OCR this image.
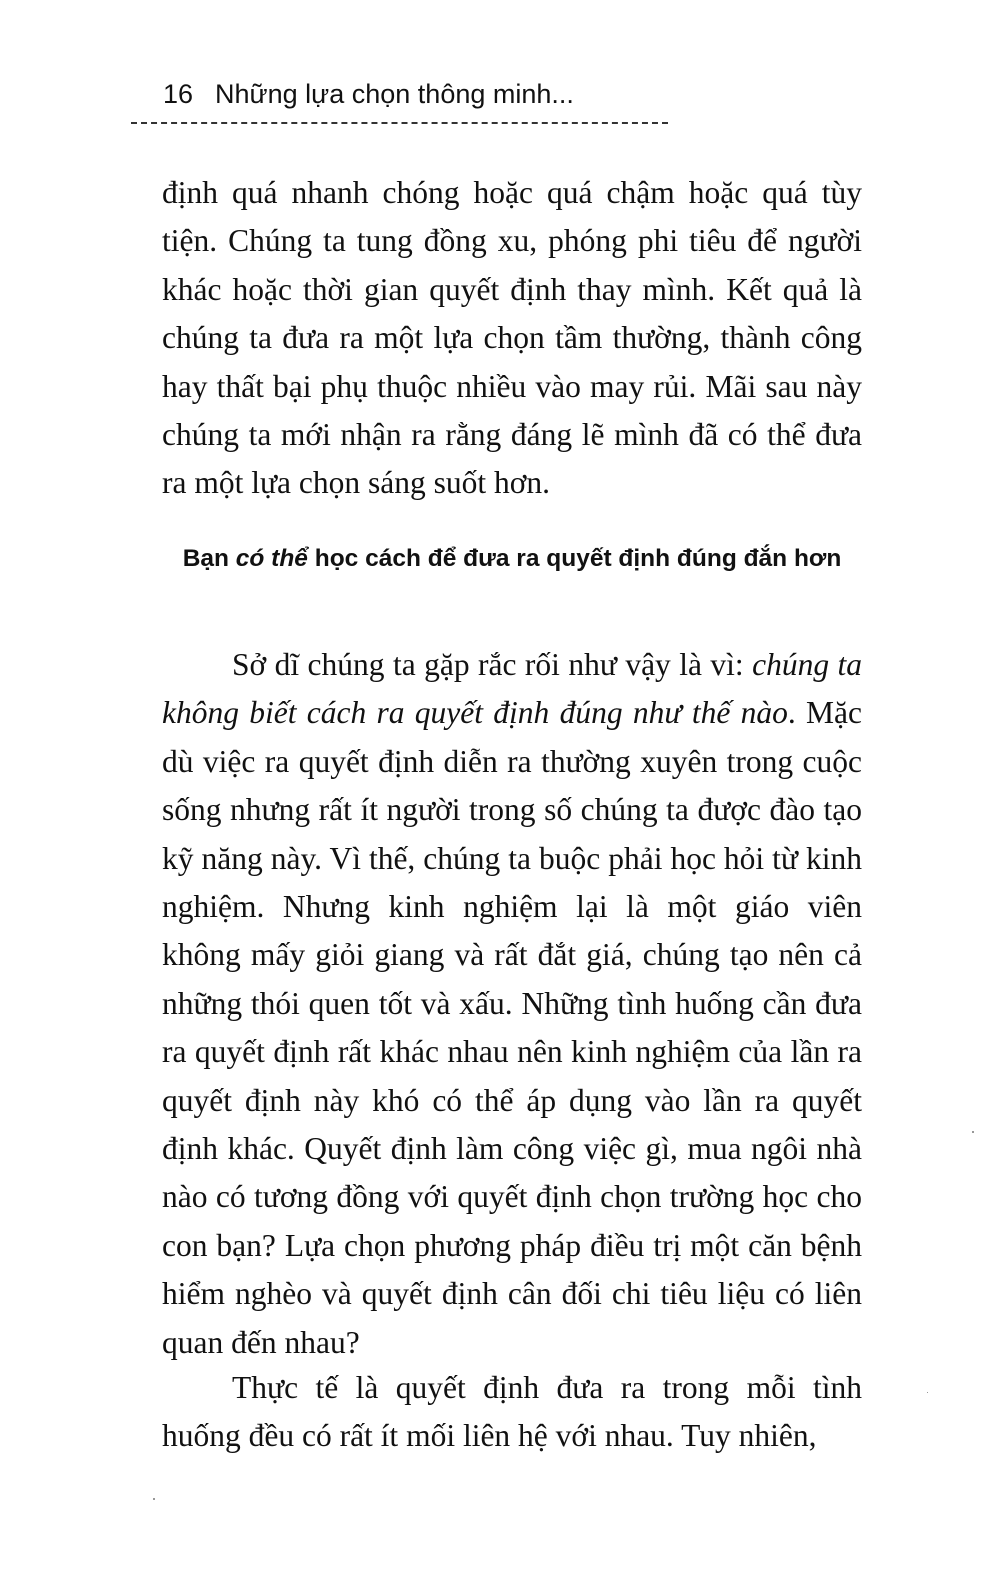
16 Những lựa chọn thông minh...

định quá nhanh chóng hoặc quá chậm hoặc quá tùy tiện. Chúng ta tung đồng xu, phóng phi tiêu để người khác hoặc thời gian quyết định thay mình. Kết quả là chúng ta đưa ra một lựa chọn tầm thường, thành công hay thất bại phụ thuộc nhiều vào may rủi. Mãi sau này chúng ta mới nhận ra rằng đáng lẽ mình đã có thể đưa ra một lựa chọn sáng suốt hơn.

Bạn có thể học cách để đưa ra quyết định đúng đắn hơn

Sở dĩ chúng ta gặp rắc rối như vậy là vì: chúng ta không biết cách ra quyết định đúng như thế nào. Mặc dù việc ra quyết định diễn ra thường xuyên trong cuộc sống nhưng rất ít người trong số chúng ta được đào tạo kỹ năng này. Vì thế, chúng ta buộc phải học hỏi từ kinh nghiệm. Nhưng kinh nghiệm lại là một giáo viên không mấy giỏi giang và rất đắt giá, chúng tạo nên cả những thói quen tốt và xấu. Những tình huống cần đưa ra quyết định rất khác nhau nên kinh nghiệm của lần ra quyết định này khó có thể áp dụng vào lần ra quyết định khác. Quyết định làm công việc gì, mua ngôi nhà nào có tương đồng với quyết định chọn trường học cho con bạn? Lựa chọn phương pháp điều trị một căn bệnh hiểm nghèo và quyết định cân đối chi tiêu liệu có liên quan đến nhau?

Thực tế là quyết định đưa ra trong mỗi tình huống đều có rất ít mối liên hệ với nhau. Tuy nhiên,
